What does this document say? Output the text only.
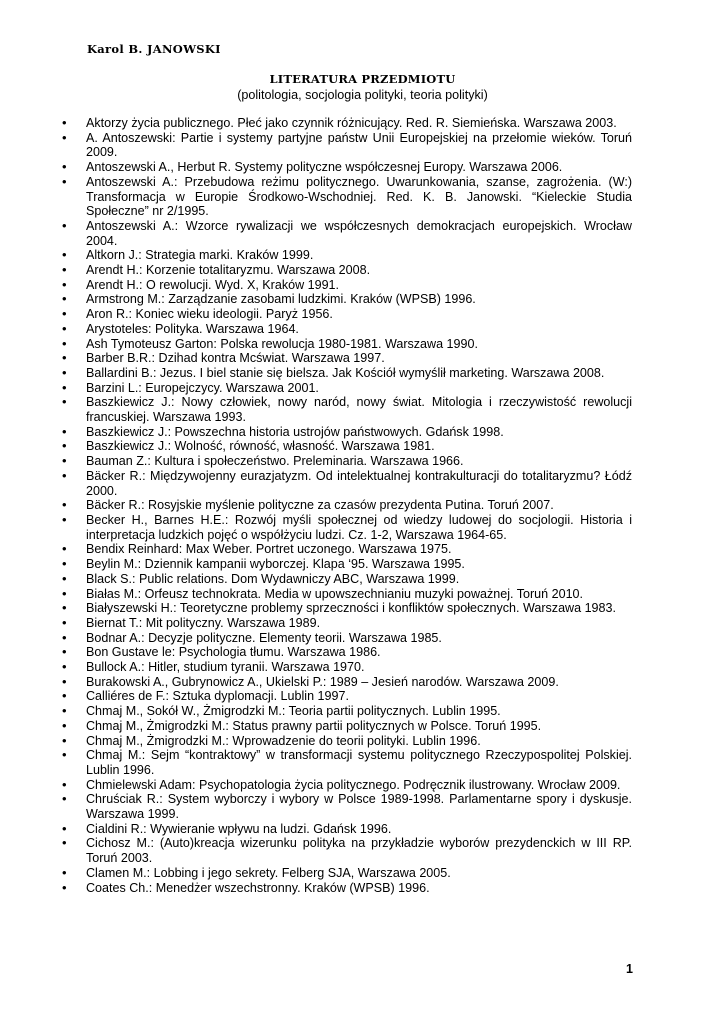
Karol B. JANOWSKI
LITERATURA PRZEDMIOTU
(politologia, socjologia polityki, teoria polityki)
• Aktorzy życia publicznego. Płeć jako czynnik różnicujący. Red. R. Siemieńska. Warszawa 2003.
• A. Antoszewski: Partie i systemy partyjne państw Unii Europejskiej na przełomie wieków. Toruń 2009.
• Antoszewski A., Herbut R. Systemy polityczne współczesnej Europy. Warszawa 2006.
• Antoszewski A.: Przebudowa reżimu politycznego. Uwarunkowania, szanse, zagrożenia. (W:) Transformacja w Europie Środkowo-Wschodniej. Red. K. B. Janowski. “Kieleckie Studia Społeczne” nr 2/1995.
• Antoszewski A.: Wzorce rywalizacji we współczesnych demokracjach europejskich. Wrocław 2004.
• Altkorn J.: Strategia marki. Kraków 1999.
• Arendt H.: Korzenie totalitaryzmu. Warszawa 2008.
• Arendt H.: O rewolucji. Wyd. X, Kraków 1991.
• Armstrong M.: Zarządzanie zasobami ludzkimi. Kraków (WPSB) 1996.
• Aron R.: Koniec wieku ideologii. Paryż 1956.
• Arystoteles: Polityka. Warszawa 1964.
• Ash Tymoteusz Garton: Polska rewolucja 1980-1981. Warszawa 1990.
• Barber B.R.: Dzihad kontra Mcświat. Warszawa 1997.
• Ballardini B.: Jezus. I biel stanie się bielsza. Jak Kościół wymyślił marketing. Warszawa 2008.
• Barzini L.: Europejczycy. Warszawa 2001.
• Baszkiewicz J.: Nowy człowiek, nowy naród, nowy świat. Mitologia i rzeczywistość rewolucji francuskiej. Warszawa 1993.
• Baszkiewicz J.: Powszechna historia ustrojów państwowych. Gdańsk 1998.
• Baszkiewicz J.: Wolność, równość, własność. Warszawa 1981.
• Bauman Z.: Kultura i społeczeństwo. Preleminaria. Warszawa 1966.
• Bäcker R.: Międzywojenny eurazjatyzm. Od intelektualnej kontrakulturacji do totalitaryzmu? Łódź 2000.
• Bäcker R.: Rosyjskie myślenie polityczne za czasów prezydenta Putina. Toruń 2007.
• Becker H., Barnes H.E.: Rozwój myśli społecznej od wiedzy ludowej do socjologii. Historia i interpretacja ludzkich pojęć o współżyciu ludzi. Cz. 1-2, Warszawa 1964-65.
• Bendix Reinhard: Max Weber. Portret uczonego. Warszawa 1975.
• Beylin M.: Dziennik kampanii wyborczej. Klapa ‘95. Warszawa 1995.
• Black S.: Public relations. Dom Wydawniczy ABC, Warszawa 1999.
• Białas M.: Orfeusz technokrata. Media w upowszechnianiu muzyki poważnej. Toruń 2010.
• Białyszewski H.: Teoretyczne problemy sprzeczności i konfliktów społecznych. Warszawa 1983.
• Biernat T.: Mit polityczny. Warszawa 1989.
• Bodnar A.: Decyzje polityczne. Elementy teorii. Warszawa 1985.
• Bon Gustave le: Psychologia tłumu. Warszawa 1986.
• Bullock A.: Hitler, studium tyranii. Warszawa 1970.
• Burakowski A., Gubrynowicz A., Ukielski P.: 1989 – Jesień narodów. Warszawa 2009.
• Calliéres de F.: Sztuka dyplomacji. Lublin 1997.
• Chmaj M., Sokół W., Żmigrodzki M.: Teoria partii politycznych. Lublin 1995.
• Chmaj M., Żmigrodzki M.: Status prawny partii politycznych w Polsce. Toruń 1995.
• Chmaj M., Żmigrodzki M.: Wprowadzenie do teorii polityki. Lublin 1996.
• Chmaj M.: Sejm “kontraktowy” w transformacji systemu politycznego Rzeczypospolitej Polskiej. Lublin 1996.
• Chmielewski Adam: Psychopatologia życia politycznego. Podręcznik ilustrowany. Wrocław 2009.
• Chruściak R.: System wyborczy i wybory w Polsce 1989-1998. Parlamentarne spory i dyskusje. Warszawa 1999.
• Cialdini R.: Wywieranie wpływu na ludzi. Gdańsk 1996.
• Cichosz M.: (Auto)kreacja wizerunku polityka na przykładzie wyborów prezydenckich w III RP. Toruń 2003.
• Clamen M.: Lobbing i jego sekrety. Felberg SJA, Warszawa 2005.
• Coates Ch.: Menedżer wszechstronny. Kraków (WPSB) 1996.
1
